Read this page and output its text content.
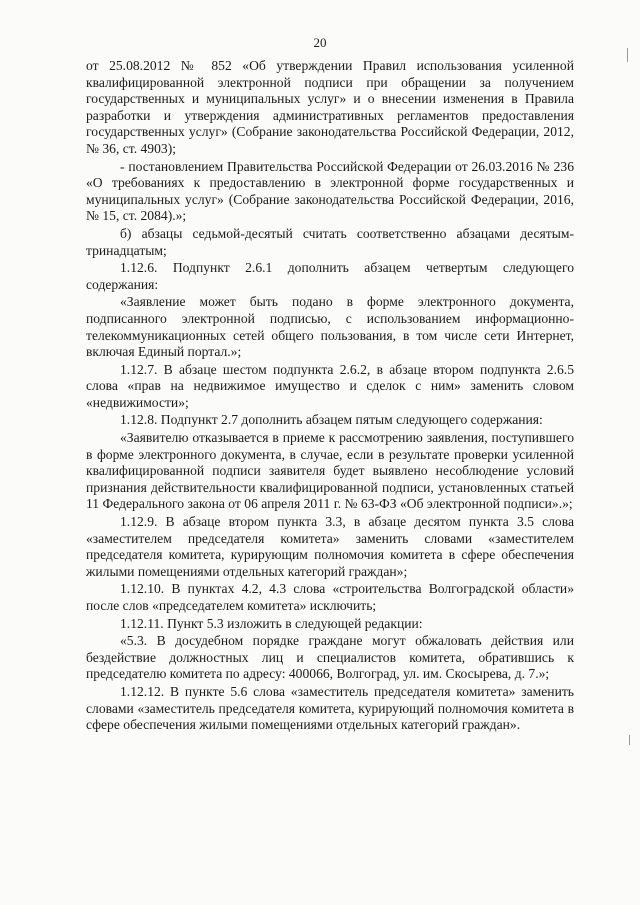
20

от 25.08.2012 № 852 «Об утверждении Правил использования усиленной квалифицированной электронной подписи при обращении за получением государственных и муниципальных услуг» и о внесении изменения в Правила разработки и утверждения административных регламентов предоставления государственных услуг» (Собрание законодательства Российской Федерации, 2012, № 36, ст. 4903);

- постановлением Правительства Российской Федерации от 26.03.2016 № 236 «О требованиях к предоставлению в электронной форме государственных и муниципальных услуг» (Собрание законодательства Российской Федерации, 2016, № 15, ст. 2084).»;

б) абзацы седьмой-десятый считать соответственно абзацами десятым-тринадцатым;

1.12.6. Подпункт 2.6.1 дополнить абзацем четвертым следующего содержания:

«Заявление может быть подано в форме электронного документа, подписанного электронной подписью, с использованием информационно-телекоммуникационных сетей общего пользования, в том числе сети Интернет, включая Единый портал.»;

1.12.7. В абзаце шестом подпункта 2.6.2, в абзаце втором подпункта 2.6.5 слова «прав на недвижимое имущество и сделок с ним» заменить словом «недвижимости»;

1.12.8. Подпункт 2.7 дополнить абзацем пятым следующего содержания:

«Заявителю отказывается в приеме к рассмотрению заявления, поступившего в форме электронного документа, в случае, если в результате проверки усиленной квалифицированной подписи заявителя будет выявлено несоблюдение условий признания действительности квалифицированной подписи, установленных статьей 11 Федерального закона от 06 апреля 2011 г. № 63-ФЗ «Об электронной подписи».»;

1.12.9. В абзаце втором пункта 3.3, в абзаце десятом пункта 3.5 слова «заместителем председателя комитета» заменить словами «заместителем председателя комитета, курирующим полномочия комитета в сфере обеспечения жилыми помещениями отдельных категорий граждан»;

1.12.10. В пунктах 4.2, 4.3 слова «строительства Волгоградской области» после слов «председателем комитета» исключить;

1.12.11. Пункт 5.3 изложить в следующей редакции:

«5.3. В досудебном порядке граждане могут обжаловать действия или бездействие должностных лиц и специалистов комитета, обратившись к председателю комитета по адресу: 400066, Волгоград, ул. им. Скосырева, д. 7.»;

1.12.12. В пункте 5.6 слова «заместитель председателя комитета» заменить словами «заместитель председателя комитета, курирующий полномочия комитета в сфере обеспечения жилыми помещениями отдельных категорий граждан».
